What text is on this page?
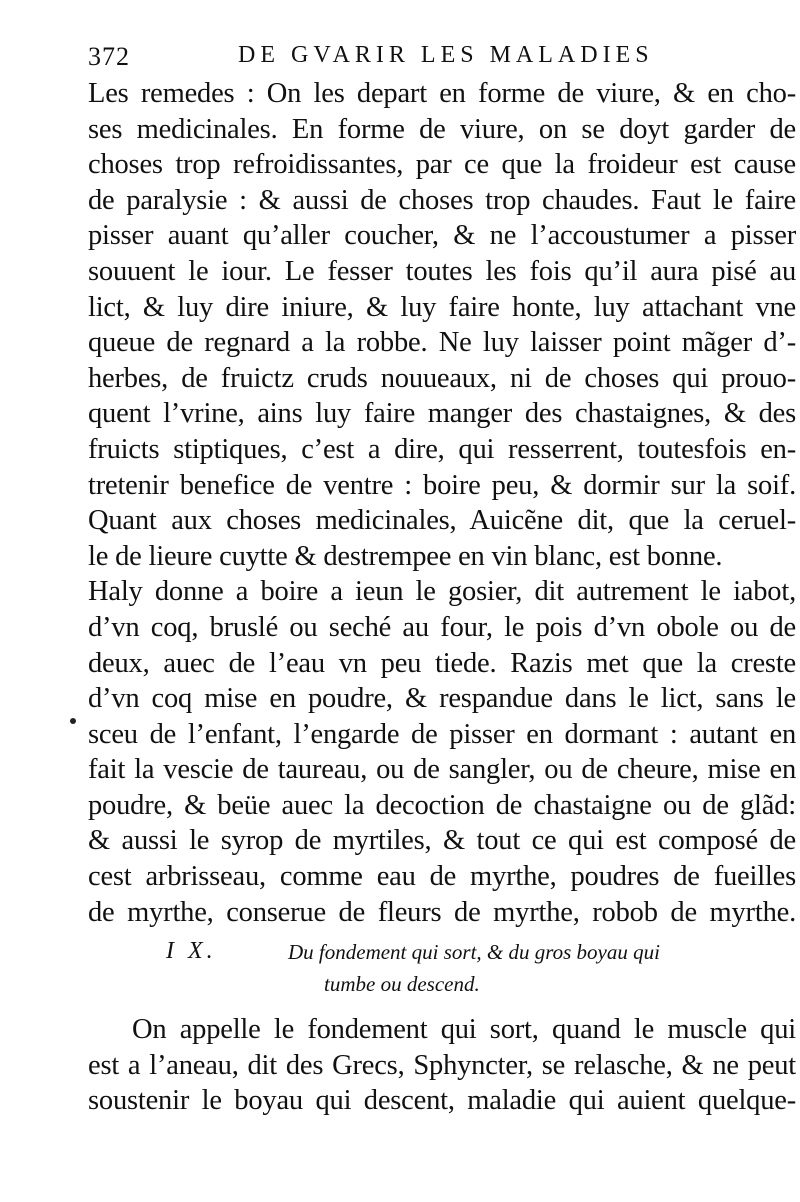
372	DE GVARIR LES MALADIES
Les remedes : On les depart en forme de viure, & en cho-
ses medicinales. En forme de viure, on se doyt garder de
choses trop refroidissantes, par ce que la froideur est cause
de paralysie : & aussi de choses trop chaudes. Faut le faire
pisser auant qu’aller coucher, & ne l’accoustumer a pisser
souuent le iour. Le fesser toutes les fois qu’il aura pisé au
lict, & luy dire iniure, & luy faire honte, luy attachant vne
queue de regnard a la robbe. Ne luy laisser point mãger d’-
herbes, de fruictz cruds nouueaux, ni de choses qui prouo-
quent l’vrine, ains luy faire manger des chastaignes, & des
fruicts stiptiques, c’est a dire, qui resserrent, toutesfois en-
tretenir benefice de ventre : boire peu, & dormir sur la soif.
Quant aux choses medicinales, Auicẽne dit, que la ceruel-
le de lieure cuytte & destrempee en vin blanc, est bonne.
Haly donne a boire a ieun le gosier, dit autrement le iabot,
d’vn coq, bruslé ou seché au four, le pois d’vn obole ou de
deux, auec de l’eau vn peu tiede. Razis met que la creste
d’vn coq mise en poudre, & respandue dans le lict, sans le
sceu de l’enfant, l’engarde de pisser en dormant : autant en
fait la vescie de taureau, ou de sangler, ou de cheure, mise en
poudre, & beüe auec la decoction de chastaigne ou de glãd:
& aussi le syrop de myrtiles, & tout ce qui est composé de
cest arbrisseau, comme eau de myrthe, poudres de fueilles
de myrthe, conserue de fleurs de myrthe, robob de myrthe.
I X.	Du fondement qui sort, & du gros boyau qui
tumbe ou descend.
On appelle le fondement qui sort, quand le muscle qui
est a l’aneau, dit des Grecs, Sphyncter, se relasche, & ne peut
soustenir le boyau qui descent, maladie qui auient quelque-
